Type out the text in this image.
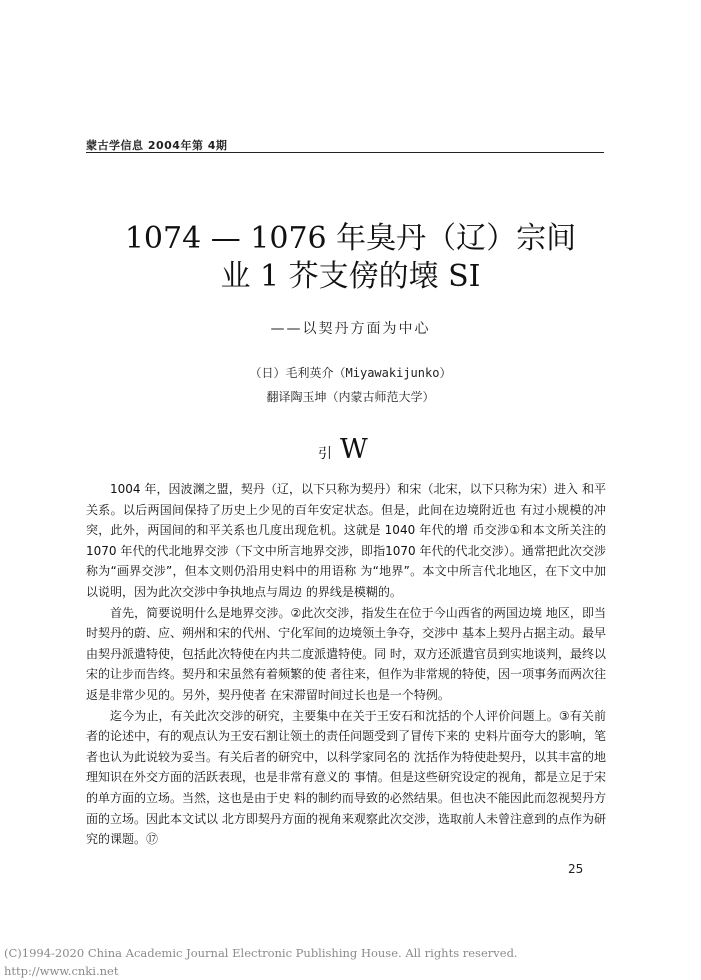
蒙古学信息 2004年第 4期
1074 — 1076 年臭丹（辽）宗间
业 1 芥支傍的壊 SI
——以契丹方面为中心
（日）毛利英介（Miyawakijunko）
翻译陶玉坤（内蒙古师范大学）
引 W

1004 年，因波渊之盟，契丹（辽，以下只称为契丹）和宋（北宋，以下只称为宋）进入 和平关系。以后两国间保持了历史上少见的百年安定状态。但是，此间在边境附近也 有过小规模的冲突，此外，两国间的和平关系也几度出现危机。这就是 1040 年代的增 币交涉①和本文所关注的 1070 年代的代北地界交涉（下文中所言地界交涉，即指1070 年代的代北交涉）。通常把此次交涉称为“画界交涉”，但本文则仍沿用史料中的用语称 为“地界”。本文中所言代北地区，在下文中加以说明，因为此次交涉中争执地点与周边 的界线是模糊的。

首先，简要说明什么是地界交涉。②此次交涉，指发生在位于今山西省的两国边境 地区，即当时契丹的蔚、应、朔州和宋的代州、宁化军间的边境领土争夺，交涉中 基本上契丹占据主动。最早由契丹派遣特使，包括此次特使在内共二度派遣特使。同 时，双方还派遣官员到实地谈判，最终以宋的让步而告终。契丹和宋虽然有着频繁的使 者往来，但作为非常规的特使，因一项事务而两次往返是非常少见的。另外，契丹使者 在宋滞留时间过长也是一个特例。

迄今为止，有关此次交涉的研究，主要集中在关于王安石和沈括的个人评价问题上。③有关前者的论述中，有的观点认为王安石割让领土的责任问题受到了冒传下来的 史料片面夸大的影响，笔者也认为此说较为妥当。有关后者的研究中，以科学家同名的 沈括作为特使赴契丹，以其丰富的地理知识在外交方面的活跃表现，也是非常有意义的 事情。但是这些研究设定的视角，都是立足于宋的单方面的立场。当然，这也是由于史 料的制约而导致的必然结果。但也决不能因此而忽视契丹方面的立场。因此本文试以 北方即契丹方面的视角来观察此次交涉，选取前人未曾注意到的点作为研究的课题。⑰

25
(C)1994-2020 China Academic Journal Electronic Publishing House. All rights reserved.
http://www.cnki.net
